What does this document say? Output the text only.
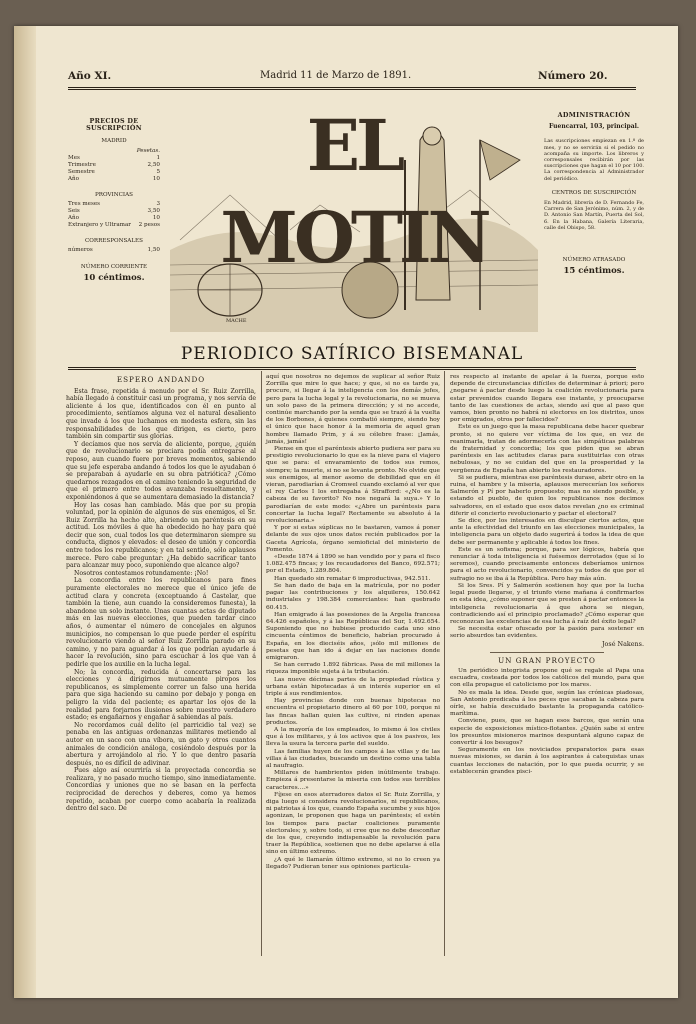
Año XI.	Madrid 11 de Marzo de 1891.	Número 20.
PRECIOS DE SUSCRIPCIÓN
MADRID
Pesetas.
Mes	1
Trimestre	2,50
Semestre	5
Año	10
PROVINCIAS
Tres meses	3
Seis	3,50
Año	10
Extranjero y Ultramar 2 pesos
CORRESPONSALES
números	1,50
NÚMERO CORRIENTE
10 céntimos.
EL MOTIN
MACHE
ADMINISTRACIÓN
Fuencarral, 103, principal.
Las suscripciones empiezan en 1.º de mes, y no se servirán si el pedido no acompaña su importe. Los libreros y corresponsales recibirán por las suscripciones que hagan el 10 por 100. La correspondencia al Administrador del periódico.
CENTROS DE SUSCRIPCIÓN
En Madrid, librería de D. Fernando Fe, Carrera de San Jerónimo, núm. 2, y de D. Antonio San Martín, Puerta del Sol, 6. En la Habana, Galería Literaria, calle del Obispo, 58.
NÚMERO ATRASADO
15 céntimos.
PERIODICO SATÍRICO BISEMANAL
ESPERO ANDANDO

Esta frase, repetida á menudo por el Sr. Ruiz Zorrilla, había llegado á constituir casi un programa, y nos servía de aliciente á los que, identificados con él en punto al procedimiento, sentíamos alguna vez el natural desaliento que invade á los que luchamos en modesta esfera, sin las responsabilidades de los que dirigen, es cierto, pero también sin compartir sus glorias.

Y decíamos que nos servía de aliciente, porque, ¿quién que de revolucionario se preciara podía entregarse al reposo, aun cuando fuere por breves momentos, sabiendo que su jefe esperaba andando á todos los que le ayudaban ó se preparaban á ayudarle en su obra patriótica? ¿Cómo quedarnos rezagados en el camino teniendo la seguridad de que el primero entre todos avanzaba resueltamente, y exponiéndonos á que se aumentara demasiado la distancia?

Hoy las cosas han cambiado. Más que por su propia voluntad, por la opinión de algunos de sus enemigos, el Sr. Ruiz Zorrilla ha hecho alto, abriendo un paréntesis en su actitud. Los móviles á que ha obedecido no hay para qué decir que son, cual todos los que determinaron siempre su conducta, dignos y elevados: el deseo de unión y concordia entre todos los republicanos; y en tal sentido, sólo aplausos merece. Pero cabe preguntar: ¿Ha debido sacrificar tanto para alcanzar muy poco, suponiendo que alcance algo?

Nosotros contestamos rotundamente: ¡No!

La concordia entre los republicanos para fines puramente electorales no merece que el único jefe de actitud clara y concreta (exceptuando á Castelar, que también la tiene, aun cuando la consideremos funesta), la abandone un solo instante. Unas cuantas actas de diputado más en las nuevas elecciones, que pueden tardar cinco años, ó aumentar el número de concejales en algunos municipios, no compensan lo que puede perder el espíritu revolucionario viendo al señor Ruiz Zorrilla parado en su camino, y no para aguardar á los que podrían ayudarle á hacer la revolución, sino para escuchar á los que van á pedirle que los auxilie en la lucha legal.

No; la concordia, reducida á concertarse para las elecciones y á dirigirnos mutuamente piropos los republicanos, es simplemente correr un falso una herida para que siga haciendo su camino por debajo y ponga en peligro la vida del paciente; es apartar los ojos de la realidad para forjarnos ilusiones sobre nuestro verdadero estado; es engañarnos y engañar á sabiendas al país.

No recordamos cuál delito (el parricidio tal vez) se penaba en las antiguas ordenanzas militares metiendo al autor en un saco con una víbora, un gato y otros cuantos animales de condición análoga, cosiéndolo después por la abertura y arrojándolo al río. Y lo que dentro pasaría después, no es difícil de adivinar.

Pues algo así ocurriría si la proyectada concordia se realizara, y no pasado mucho tiempo, sino inmediatamente. Concordias y uniones que no se basan en la perfecta reciprocidad de derechos y deberes, como ya hemos repetido, acaban por cuerpo como acabaría la realizada dentro del saco. De

aquí que nosotros no dejemos de suplicar al señor Ruiz Zorrilla que mire lo que hace; y que, si no es tarde ya, procure, si llegar á la inteligencia con los demás jefes, pero para la lucha legal y la revolucionaria, no se mueva un solo paso de la primera dirección; y si no accede, continúe marchando por la senda que se trazó á la vuelta de los Borbones, á quienes combatió siempre, siendo hoy el único que hace honor á la memoria de aquel gran hombre llamado Prim, y á su célebre frase: ¡Jamás, jamás, jamás!

Piense en que el paréntesis abierto pudiera ser para su prestigio revolucionario lo que es la nieve para el viajero que se para: el envaramiento de todos sus remos, siempre; la muerte, si no se levanta pronto. No olvide que sus enemigos, al menor asomo de debilidad que en él vieran, parodiarían á Cromwel cuando exclamó al ver que el rey Carlos I los entregaba á Strafford: «¿No es la cabeza de su favorito? No nos negará la suya.» Y lo parodiarían de este modo: «¿Abre un paréntesis para concertar la lucha legal? Rectamente su absoluto á la revolucionaria.»

Y por si estas súplicas no le bastaren, vamos á poner delante de sus ojos unos datos recién publicados por la Gaceta Agrícola, órgano semioficial del ministerio de Fomento.

«Desde 1874 á 1890 se han vendido por y para el fisco 1.082.475 fincas; y los recaudadores del Banco, 692.571; por el Estado, 1.289.804.

Han quedado sin rematar 6 improductivas, 942.511.

Se han dado de baja en la matrícula, por no poder pagar las contribuciones y los alquileres, 150.642 industriales y 198.384 comerciantes: han quebrado 60.415.

Han emigrado á las posesiones de la Argelia francesa 64.426 españoles, y á las Repúblicas del Sur, 1.492.654. Suponiendo que no hubiese producido cada uno sino cincuenta céntimos de beneficio, habrían procurado á España, en los dieciséis años, ¡sólo mil millones de pesetas que han ido á dejar en las naciones donde emigraron.

Se han cerrado 1.892 fábricas. Pasa de mil millones la riqueza imponible sujeta á la tributación.

Las nueve décimas partes de la propiedad rústica y urbana están hipotecadas á un interés superior en el triple á sus rendimientos.

Hay provincias donde con buenas hipotecas no encuentra el propietario dinero al 60 por 100, porque ni las fincas hallan quien las cultive, ni rinden apenas productos.

A la mayoría de los empleados, lo mismo á los civiles que á los militares, y á los activos que á los pasivos, les lleva la usura la tercera parte del sueldo.

Las familias huyen de los campos á las villas y de las villas á las ciudades, buscando un destino como una tabla al naufragio.

Millares de hambrientos piden inútilmente trabajo. Empieza á presentarse la miseria con todos sus terribles caracteres....»

Fíjese en esos aterradores datos el Sr. Ruiz Zorrilla, y diga luego si considera revolucionarios, ni republicanos, ni patriotas á los que, cuando España sucumbe y sus hijos agonizan, le proponen que haga un paréntesis; el estén los tiempos para pactar coaliciones puramente electorales; y, sobre todo, si cree que no debe desconfiar de los que, creyendo indispensable la revolución para traer la República, sostienen que no debe apelarse á ella sino en último extremo.

¿A qué le llamarán último extremo, si no lo creen ya llegado? Pudieran tener sus opiniones particula-

res respecto al instante de apelar á la fuerza, porque esto depende de circunstancias difíciles de determinar á priori; pero ¿negarse á pactar desde luego la coalición revolucionaria para estar prevenidos cuando llegara ese instante, y preocuparse tanto de las cuestiones de actas, siendo así que al paso que vamos, bien pronto no habrá ni electores en los distritos, unos por emigrados, otros por fallecidos?

Este es un juego que la masa republicana debe hacer quebrar pronto, si no quiere ver víctima de los que, en vez de reanimarla, tratan de adormecerla con las simpáticas palabras de fraternidad y concordia; los que piden que se abran paréntesis en las actitudes claras para sustituirlas con otras nebulosas, y no se cuidan del que en la prosperidad y la vergüenza de España han abierto los restauradores.

Si se pudiera, mientras ese paréntesis durase, abrir otro en la ruina, el hambre y la miseria, aplausos merecerían los señores Salmerón y Pí por haberlo propuesto; mas no siendo posible, y estando el pueblo, de quien los republicanos nos decimos salvadores, en el estado que esos datos revelan ¿no es criminal diferir el concierto revolucionario y pactar el electoral?

Se dice, por los interesados en disculpar ciertos actos, que ante la efectividad del triunfo en las elecciones municipales, la inteligencia para un objeto dado sugerirá á todos la idea de que debe ser permanente y aplicable á todos los fines.

Este es un sofisma; porque, para ser lógicos, habría que renunciar á toda inteligencia si fuésemos derrotados (que sí lo seremos), cuando precisamente entonces deberíamos unirnos para el acto revolucionario, convencidos ya todos de que por el sufragio no se iba á la República. Pero hay más aún.

Si los Sres. Pí y Salmerón sostienen hoy que por la lucha legal puede llegarse, y el triunfo viene mañana á confirmarlos en esta idea, ¿cómo suponer que se presten á pactar entonces la inteligencia revolucionaria á que ahora se niegan, contradiciendo así el principio proclamado? ¿Cómo esperar que reconozcan las excelencias de esa lucha á raíz del éxito legal?

Se necesita estar ofuscado por la pasión para sostener en serio absurdos tan evidentes.

José Nakens.
UN GRAN PROYECTO

Un periódico integrista propone qué se regale al Papa una escuadra, costeada por todos los católicos del mundo, para que con ella propague el catolicismo por los mares.

No es mala la idea. Desde que, según las crónicas piadosas, San Antonio predicaba á los peces que sacaban la cabeza para oírle, se había descuidado bastante la propaganda católico-marítima.

Conviene, pues, que se hagan esos barcos, que serán una especie de exposiciones místico-flotantes. ¿Quién sabe si entre los presuntos misioneros marinos despuntará alguno capaz de convertir á los besugos?

Seguramente en los noviciados preparatorios para esas nuevas misiones, se darán á los aspirantes á catequistas unas cuantas lecciones de natación, por lo que pueda ocurrir, y se establecerán grandes pisci-
